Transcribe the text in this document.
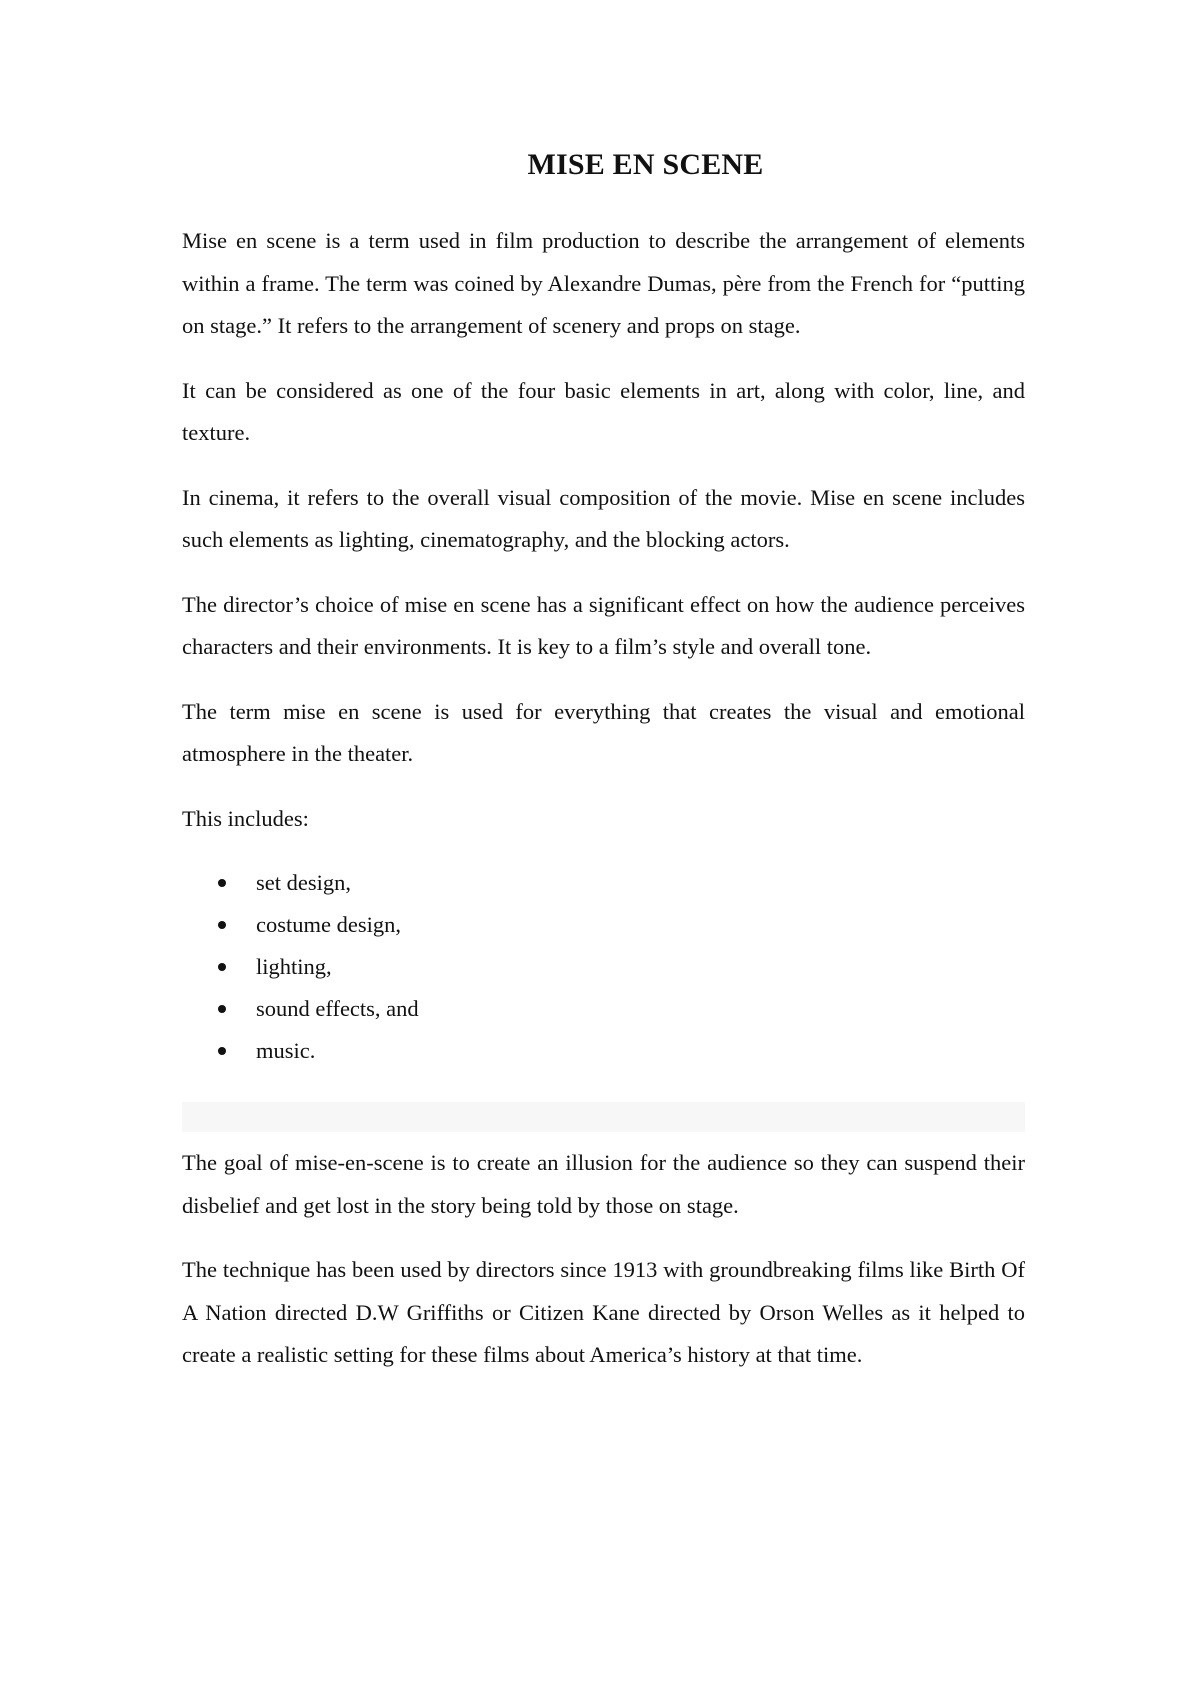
MISE EN SCENE

Mise en scene is a term used in film production to describe the arrangement of elements within a frame. The term was coined by Alexandre Dumas, père from the French for “putting on stage.” It refers to the arrangement of scenery and props on stage.

It can be considered as one of the four basic elements in art, along with color, line, and texture.

In cinema, it refers to the overall visual composition of the movie. Mise en scene includes such elements as lighting, cinematography, and the blocking actors.

The director’s choice of mise en scene has a significant effect on how the audience perceives characters and their environments. It is key to a film’s style and overall tone.

The term mise en scene is used for everything that creates the visual and emotional atmosphere in the theater.

This includes:

set design,
costume design,
lighting,
sound effects, and
music.

The goal of mise-en-scene is to create an illusion for the audience so they can suspend their disbelief and get lost in the story being told by those on stage.

The technique has been used by directors since 1913 with groundbreaking films like Birth Of A Nation directed D.W Griffiths or Citizen Kane directed by Orson Welles as it helped to create a realistic setting for these films about America’s history at that time.
